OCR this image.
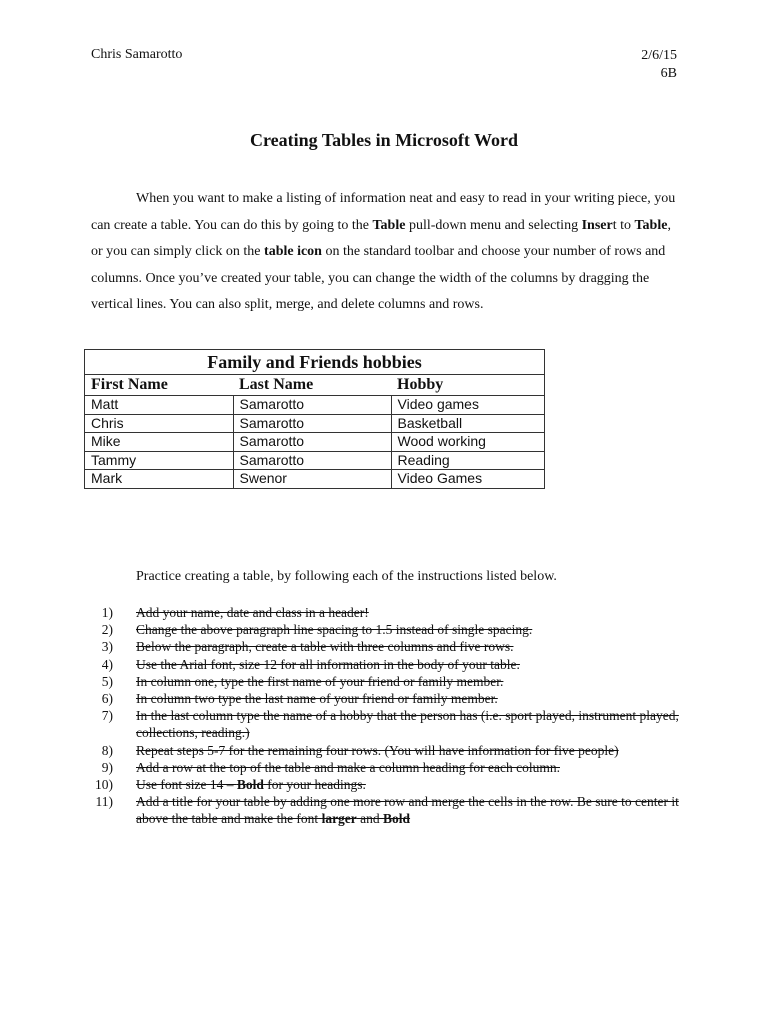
Chris Samarotto	2/6/15
6B
Creating Tables in Microsoft Word
When you want to make a listing of information neat and easy to read in your writing piece, you can create a table. You can do this by going to the Table pull-down menu and selecting Insert to Table, or you can simply click on the table icon on the standard toolbar and choose your number of rows and columns. Once you’ve created your table, you can change the width of the columns by dragging the vertical lines. You can also split, merge, and delete columns and rows.
Family and Friends hobbies		
First Name	Last Name	Hobby
Matt	Samarotto	Video games
Chris	Samarotto	Basketball
Mike	Samarotto	Wood working
Tammy	Samarotto	Reading
Mark	Swenor	Video Games
Practice creating a table, by following each of the instructions listed below.
1) Add your name, date and class in a header!
2) Change the above paragraph line spacing to 1.5 instead of single spacing.
3) Below the paragraph, create a table with three columns and five rows.
4) Use the Arial font, size 12 for all information in the body of your table.
5) In column one, type the first name of your friend or family member.
6) In column two type the last name of your friend or family member.
7) In the last column type the name of a hobby that the person has (i.e. sport played, instrument played, collections, reading.)
8) Repeat steps 5-7 for the remaining four rows. (You will have information for five people)
9) Add a row at the top of the table and make a column heading for each column.
10) Use font size 14 – Bold for your headings.
11) Add a title for your table by adding one more row and merge the cells in the row. Be sure to center it above the table and make the font larger and Bold
